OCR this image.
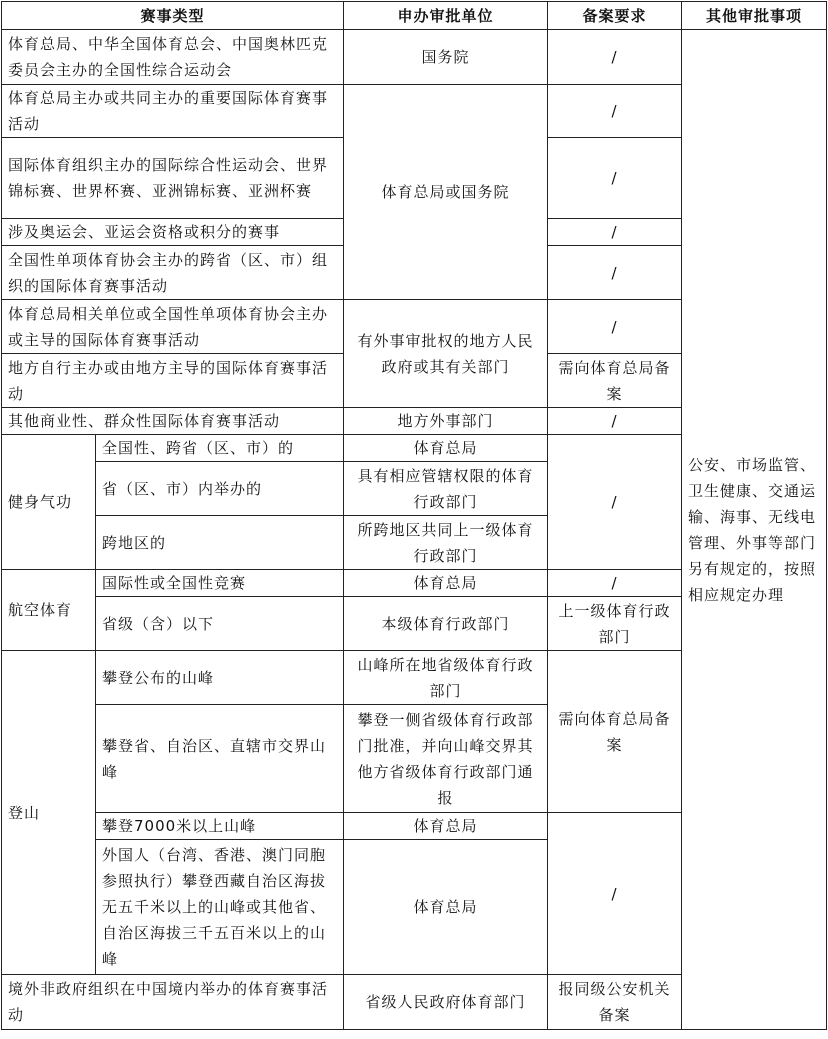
赛事类型		申办审批单位	备案要求	其他审批事项
体育总局、中华全国体育总会、中国奥林匹克委员会主办的全国性综合运动会		国务院	/	公安、市场监管、卫生健康、交通运输、海事、无线电管理、外事等部门另有规定的，按照相应规定办理
体育总局主办或共同主办的重要国际体育赛事活动		体育总局或国务院	/	
国际体育组织主办的国际综合性运动会、世界锦标赛、世界杯赛、亚洲锦标赛、亚洲杯赛			/	
涉及奥运会、亚运会资格或积分的赛事			/	
全国性单项体育协会主办的跨省（区、市）组织的国际体育赛事活动			/	
体育总局相关单位或全国性单项体育协会主办或主导的国际体育赛事活动		有外事审批权的地方人民政府或其有关部门	/	
地方自行主办或由地方主导的国际体育赛事活动			需向体育总局备案	
其他商业性、群众性国际体育赛事活动		地方外事部门	/	
健身气功	全国性、跨省（区、市）的	体育总局	/	
	省（区、市）内举办的	具有相应管辖权限的体育行政部门		
	跨地区的	所跨地区共同上一级体育行政部门		
航空体育	国际性或全国性竞赛	体育总局	/	
	省级（含）以下	本级体育行政部门	上一级体育行政部门	
登山	攀登公布的山峰	山峰所在地省级体育行政部门	需向体育总局备案	
	攀登省、自治区、直辖市交界山峰	攀登一侧省级体育行政部门批准，并向山峰交界其他方省级体育行政部门通报		
	攀登7000米以上山峰	体育总局	/	
	外国人（台湾、香港、澳门同胞参照执行）攀登西藏自治区海拔无五千米以上的山峰或其他省、自治区海拔三千五百米以上的山峰	体育总局		
境外非政府组织在中国境内举办的体育赛事活动		省级人民政府体育部门	报同级公安机关备案	
